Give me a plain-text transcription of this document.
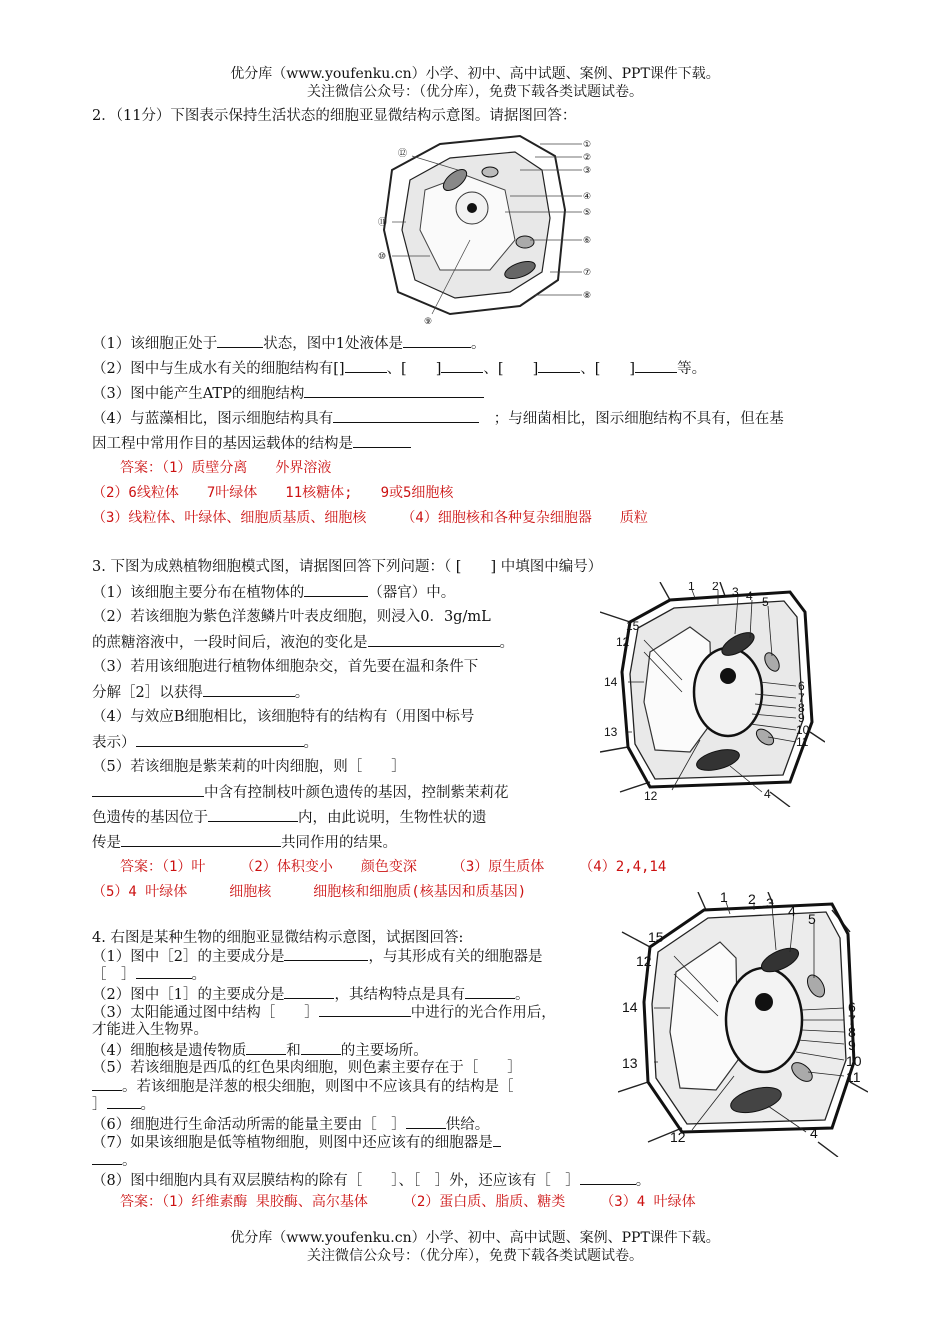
优分库（www.youfenku.cn）小学、初中、高中试题、案例、PPT课件下载。
关注微信公众号：（优分库），免费下载各类试题试卷。
2．（11分）下图表示保持生活状态的细胞亚显微结构示意图。请据图回答：
①
②
③
④
⑤
⑥
⑦
⑧
⑨
⑩
⑪
⑫
（1）该细胞正处于	状态，图中1处液体是	。
（2）图中与生成水有关的细胞结构有[]	、[　　 ]	、[　　 ]	、[　　 ]	等。
（3）图中能产生ATP的细胞结构
（4）与蓝藻相比，图示细胞结构具有　	；与细菌相比，图示细胞结构不具有，但在基
因工程中常用作目的基因运载体的结构是
答案：（1）质壁分离　　外界溶液
（2）6线粒体　　7叶绿体　　11核糖体;　　9或5细胞核
（3）线粒体、叶绿体、细胞质基质、细胞核　　　（4）细胞核和各种复杂细胞器　　质粒
3. 下图为成熟植物细胞模式图，请据图回答下列问题：（ [　　] 中填图中编号）
（1）该细胞主要分布在植物体的	（器官）中。
（2）若该细胞为紫色洋葱鳞片叶表皮细胞，则浸入0．3g/mL
的蔗糖溶液中，一段时间后，液泡的变化是	。
（3）若用该细胞进行植物体细胞杂交，首先要在温和条件下
分解［2］以获得	。
（4）与效应B细胞相比，该细胞特有的结构有（用图中标号
表示）	。
（5）若该细胞是紫茉莉的叶肉细胞，则［　　］
中含有控制枝叶颜色遗传的基因，控制紫茉莉花
色遗传的基因位于	内，由此说明，生物性状的遗
传是	共同作用的结果。
1 2 3 4 5
6
7
8
9
10
11
12
13
14
15
12	4
答案：（1）叶　　　（2）体积变小　　颜色变深　　　（3）原生质体　　　（4）2,4,14
（5）4 叶绿体　　　细胞核　　　细胞核和细胞质(核基因和质基因)
4. 右图是某种生物的细胞亚显微结构示意图，试据图回答:
（1）图中［2］的主要成分是	，与其形成有关的细胞器是
［　］	。
（2）图中［1］的主要成分是	，其结构特点是具有	。
（3）太阳能通过图中结构［　　］	中进行的光合作用后，
才能进入生物界。
（4）细胞核是遗传物质	和	的主要场所。
（5）若该细胞是西瓜的红色果肉细胞，则色素主要存在于［　　］
。若该细胞是洋葱的根尖细胞，则图中不应该具有的结构是［
］ 。
（6）细胞进行生命活动所需的能量主要由［　］	供给。
（7）如果该细胞是低等植物细胞，则图中还应该有的细胞器是
。
（8）图中细胞内具有双层膜结构的除有［　　］、［　］外，还应该有［　］	。
答案：（1）纤维素酶 果胶酶、高尔基体　　　（2）蛋白质、脂质、糖类　　　（3）4 叶绿体
1 2 3 4 5
6
7
8
9
10
11
12
13
14
15
12	4
优分库（www.youfenku.cn）小学、初中、高中试题、案例、PPT课件下载。
关注微信公众号：（优分库），免费下载各类试题试卷。
